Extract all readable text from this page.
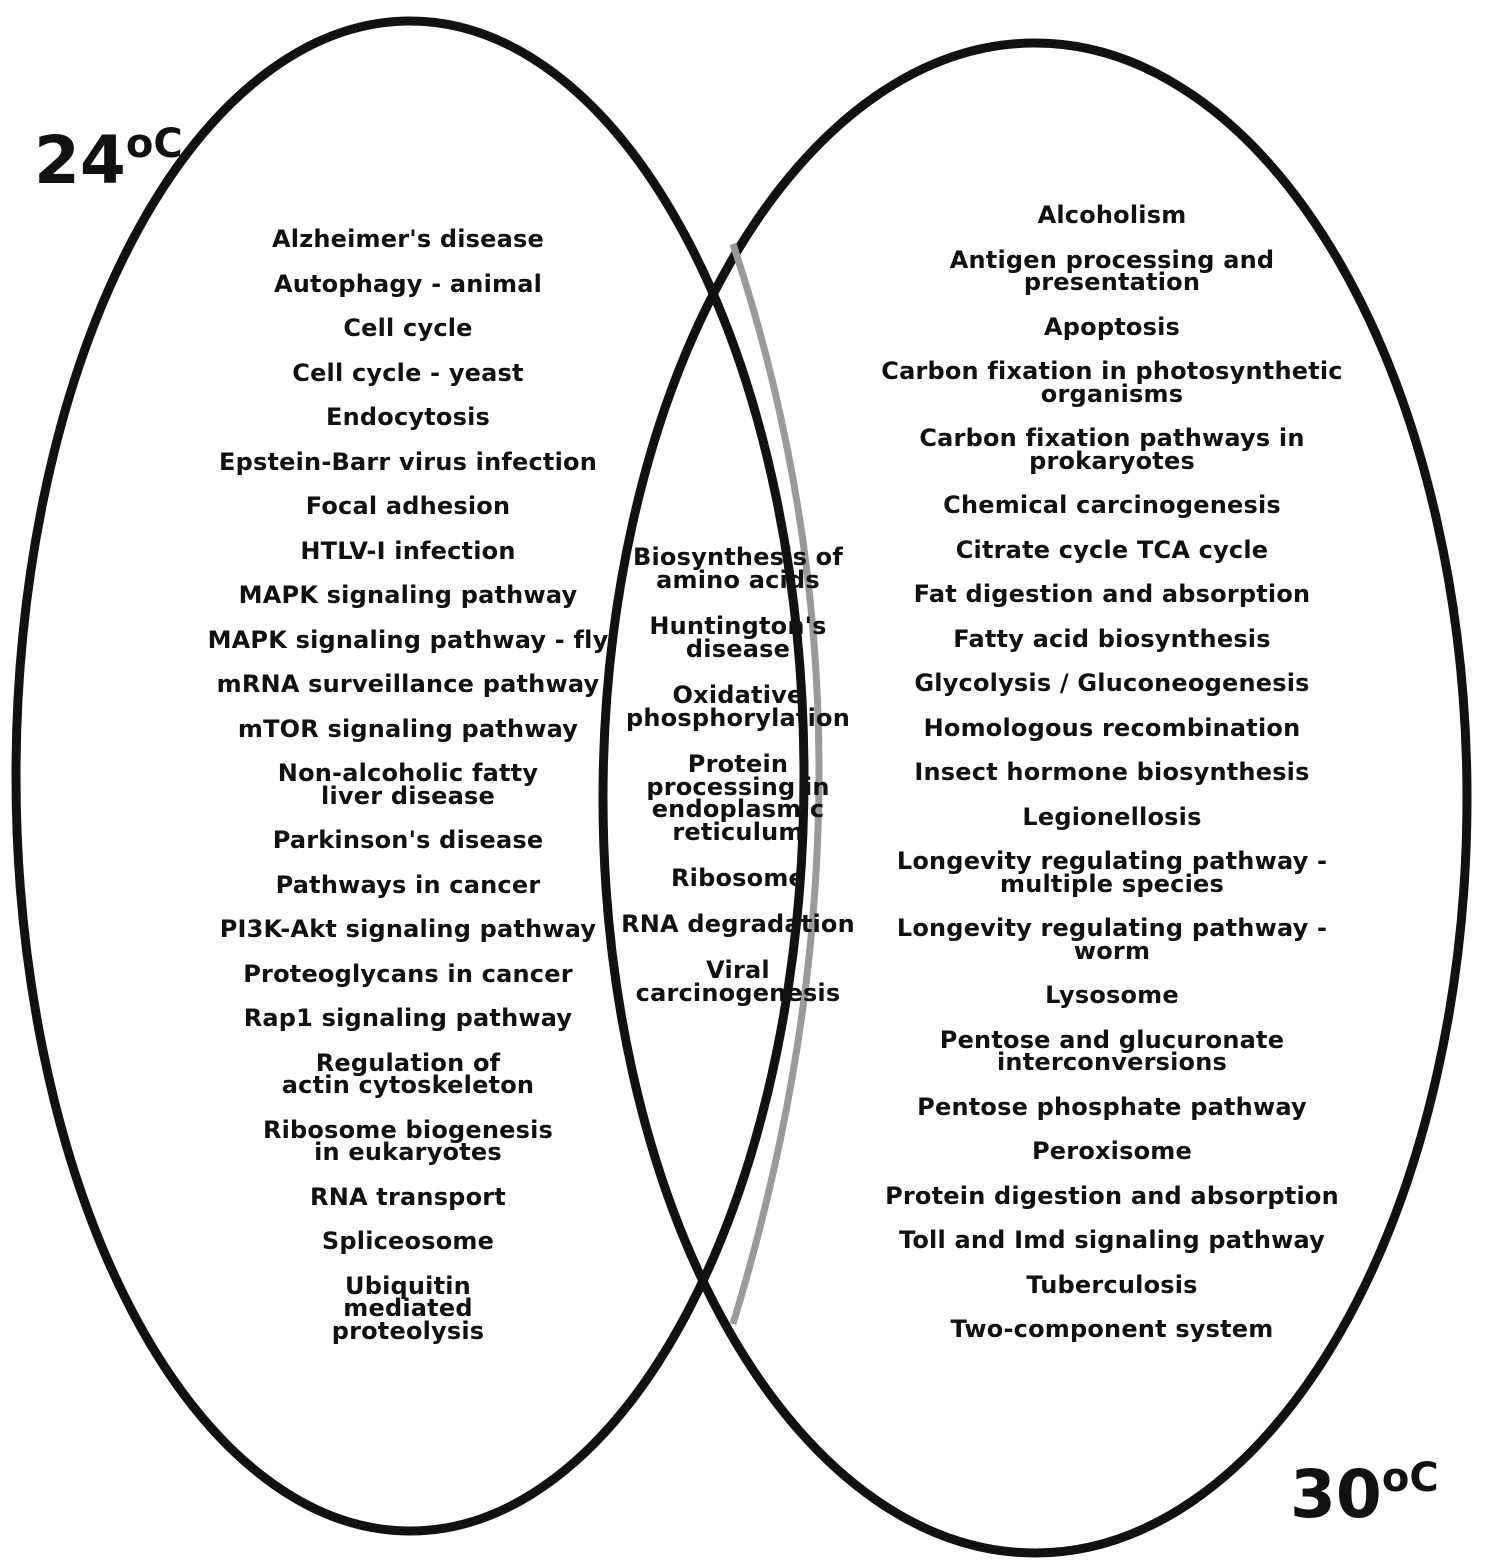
$24^{oC}$
$30^{oC}$
Alzheimer's disease
Autophagy - animal
Cell cycle
Cell cycle - yeast
Endocytosis
Epstein-Barr virus infection
Focal adhesion
HTLV-I infection
MAPK signaling pathway
MAPK signaling pathway - fly
mRNA surveillance pathway
mTOR signaling pathway
Non-alcoholic fatty liver disease
Parkinson's disease
Pathways in cancer
PI3K-Akt signaling pathway
Proteoglycans in cancer
Rap1 signaling pathway
Regulation of actin cytoskeleton
Ribosome biogenesis in eukaryotes
RNA transport
Spliceosome
Ubiquitin mediated proteolysis
Biosynthesis of amino acids
Huntington's disease
Oxidative phosphorylation
Protein processing in endoplasmic reticulum
Ribosome
RNA degradation
Viral carcinogenesis
Alcoholism
Antigen processing and presentation
Apoptosis
Carbon fixation in photosynthetic organisms
Carbon fixation pathways in prokaryotes
Chemical carcinogenesis
Citrate cycle TCA cycle
Fat digestion and absorption
Fatty acid biosynthesis
Glycolysis / Gluconeogenesis
Homologous recombination
Insect hormone biosynthesis
Legionellosis
Longevity regulating pathway - multiple species
Longevity regulating pathway - worm
Lysosome
Pentose and glucuronate interconversions
Pentose phosphate pathway
Peroxisome
Protein digestion and absorption
Toll and Imd signaling pathway
Tuberculosis
Two-component system
